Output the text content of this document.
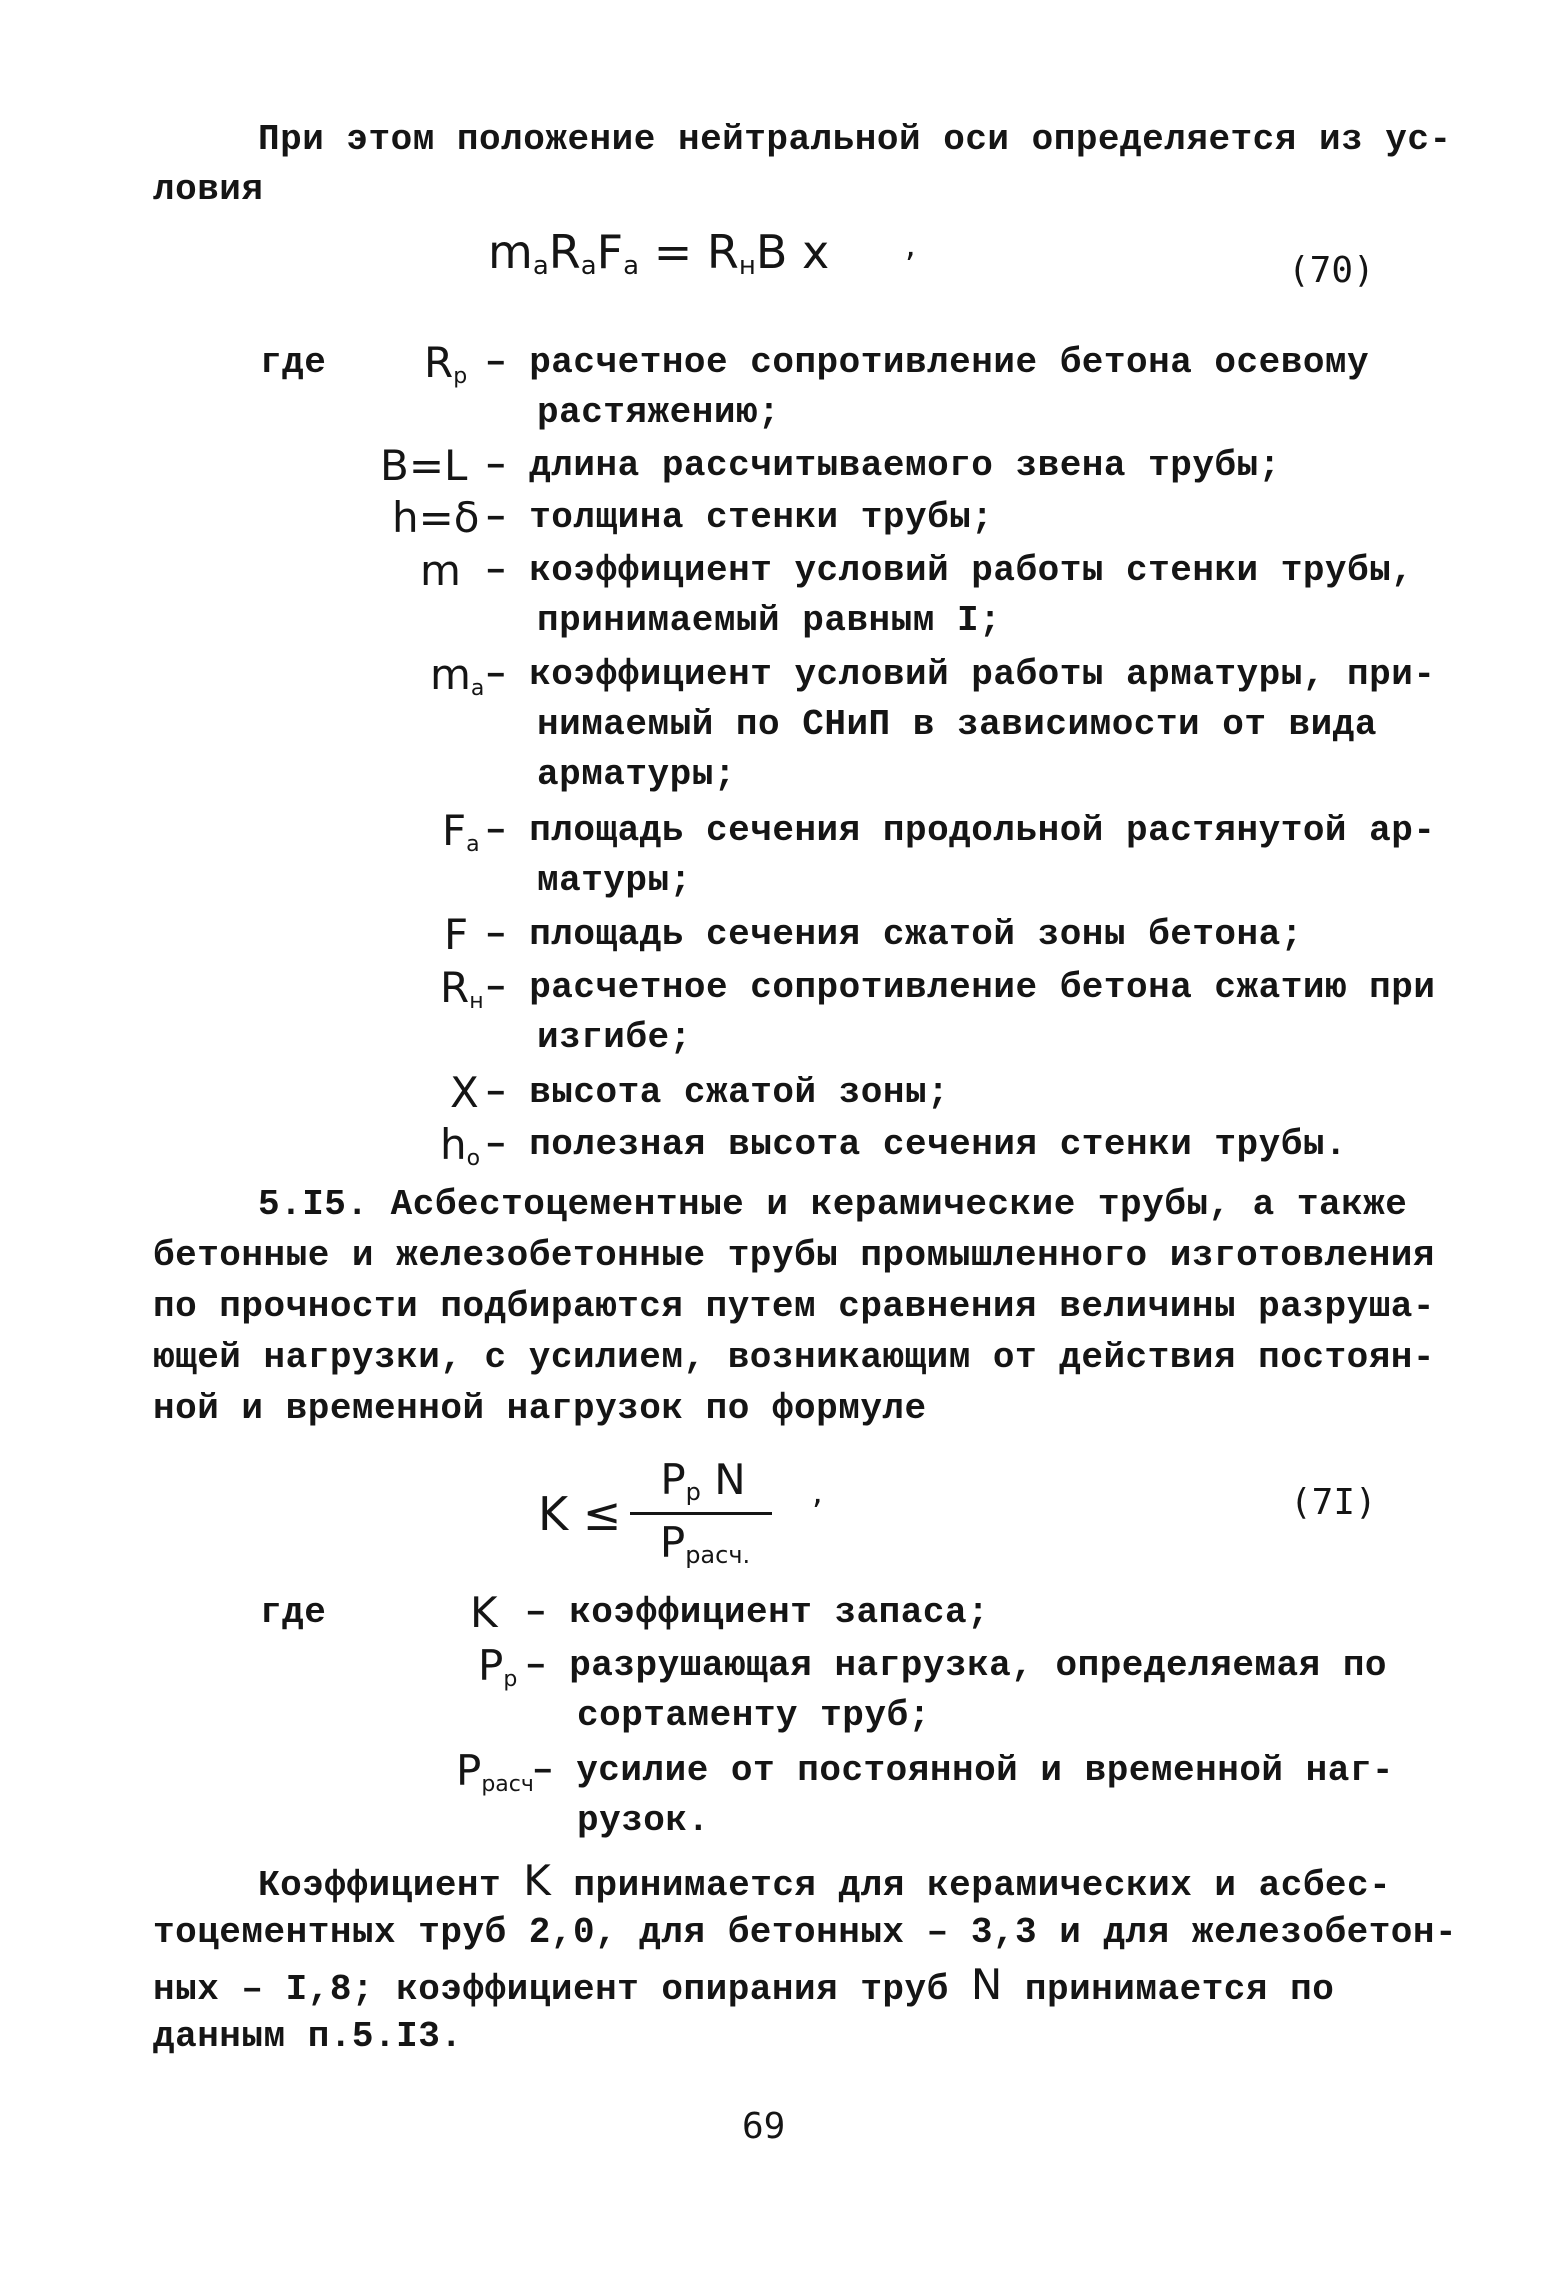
При этом положение нейтральной оси определяется из ус-
ловия
$m_aR_aF_a = R_нB$ x ,
(70)
где $R_p$ – расчетное сопротивление бетона осевому
растяжению;
B=L – длина рассчитываемого звена трубы;
h=δ – толщина стенки трубы;
m – коэффициент условий работы стенки трубы,
принимаемый равным I;
$m_a$ – коэффициент условий работы арматуры, при-
нимаемый по СНиП в зависимости от вида
арматуры;
$F_a$ – площадь сечения продольной растянутой ар-
матуры;
F – площадь сечения сжатой зоны бетона;
$R_н$ – расчетное сопротивление бетона сжатию при
изгибе;
X – высота сжатой зоны;
$h_o$ – полезная высота сечения стенки трубы.
5.I5. Асбестоцементные и керамические трубы, а также
бетонные и железобетонные трубы промышленного изготовления
по прочности подбираются путем сравнения величины разруша-
ющей нагрузки, с усилием, возникающим от действия постоян-
ной и временной нагрузок по формуле
K ≤
$P_p$ N
$P_{расч.}$
,	(7I)
где	K – коэффициент запаса;
$P_p$ – разрушающая нагрузка, определяемая по
сортаменту труб;
$P_{расч}$
– усилие от постоянной и временной наг-
рузок.
Коэффициент K принимается для керамических и асбес-
тоцементных труб 2,0, для бетонных – 3,3 и для железобетон-
ных – I,8; коэффициент опирания труб N принимается по
данным п.5.I3.
69
